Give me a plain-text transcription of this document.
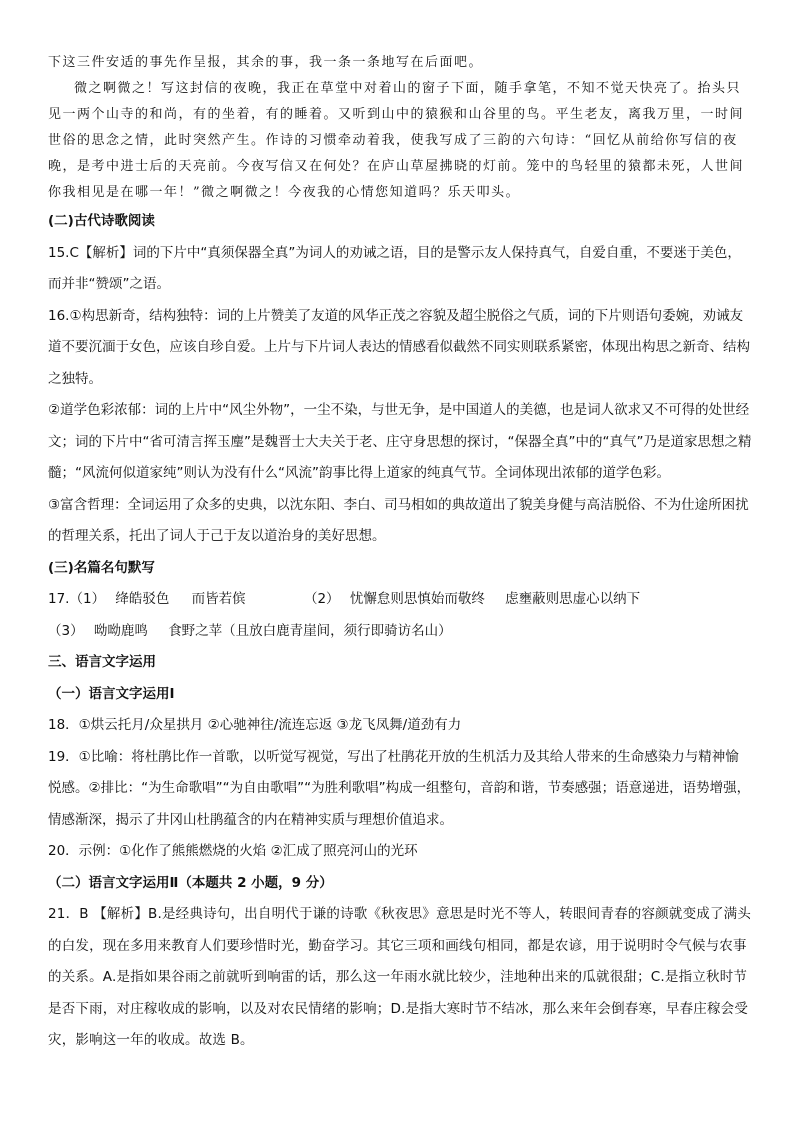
下这三件安适的事先作呈报，其余的事，我一条一条地写在后面吧。

微之啊微之！写这封信的夜晚，我正在草堂中对着山的窗子下面，随手拿笔，不知不觉天快亮了。抬头只见一两个山寺的和尚，有的坐着，有的睡着。又听到山中的猿猴和山谷里的鸟。平生老友，离我万里，一时间世俗的思念之情，此时突然产生。作诗的习惯牵动着我，使我写成了三韵的六句诗：“回忆从前给你写信的夜晚，是考中进士后的天亮前。今夜写信又在何处？在庐山草屋拂晓的灯前。笼中的鸟轻里的猿都未死，人世间你我相见是在哪一年！”微之啊微之！今夜我的心情您知道吗？乐天叩头。

(二)古代诗歌阅读

15.C【解析】词的下片中“真须保器全真”为词人的劝诫之语，目的是警示友人保持真气，自爱自重，不要迷于美色，而并非“赞颂”之语。

16.①构思新奇，结构独特：词的上片赞美了友道的风华正茂之容貌及超尘脱俗之气质，词的下片则语句委婉，劝诫友道不要沉湎于女色，应该自珍自爱。上片与下片词人表达的情感看似截然不同实则联系紧密，体现出构思之新奇、结构之独特。

②道学色彩浓郁：词的上片中“风尘外物”，一尘不染，与世无争，是中国道人的美德，也是词人欲求又不可得的处世经文；词的下片中“省可清言挥玉麈”是魏晋士大夫关于老、庄守身思想的探讨，“保器全真”中的“真气”乃是道家思想之精髓；“风流何似道家纯”则认为没有什么“风流”韵事比得上道家的纯真气节。全词体现出浓郁的道学色彩。

③富含哲理：全词运用了众多的史典，以沈东阳、李白、司马相如的典故道出了貌美身健与高洁脱俗、不为仕途所困扰的哲理关系，托出了词人于己于友以道治身的美好思想。

(三)名篇名句默写

17.（1） 绛皓驳色 而皆若傧	（2） 忧懈怠则思慎始而敬终 虑壅蔽则思虚心以纳下

（3） 呦呦鹿鸣 食野之苹（且放白鹿青崖间，须行即骑访名山）

三、语言文字运用

（一）语言文字运用Ⅰ

18．①烘云托月/众星拱月 ②心驰神往/流连忘返 ③龙飞凤舞/道劲有力

19．①比喻：将杜鹃比作一首歌，以听觉写视觉，写出了杜鹃花开放的生机活力及其给人带来的生命感染力与精神愉悦感。②排比：“为生命歌唱”“为自由歌唱”“为胜利歌唱”构成一组整句，音韵和谐，节奏感强；语意递进，语势增强，情感渐深，揭示了井冈山杜鹃蕴含的内在精神实质与理想价值追求。

20．示例：①化作了熊熊燃烧的火焰 ②汇成了照亮河山的光环

（二）语言文字运用Ⅱ（本题共 2 小题，9 分）

21．B 【解析】B.是经典诗句，出自明代于谦的诗歌《秋夜思》意思是时光不等人，转眼间青春的容颜就变成了满头的白发，现在多用来教育人们要珍惜时光，勤奋学习。其它三项和画线句相同，都是农谚，用于说明时令气候与农事的关系。A.是指如果谷雨之前就听到响雷的话，那么这一年雨水就比较少，洼地种出来的瓜就很甜；C.是指立秋时节是否下雨，对庄稼收成的影响，以及对农民情绪的影响；D.是指大寒时节不结冰，那么来年会倒春寒，早春庄稼会受灾，影响这一年的收成。故选 B。
